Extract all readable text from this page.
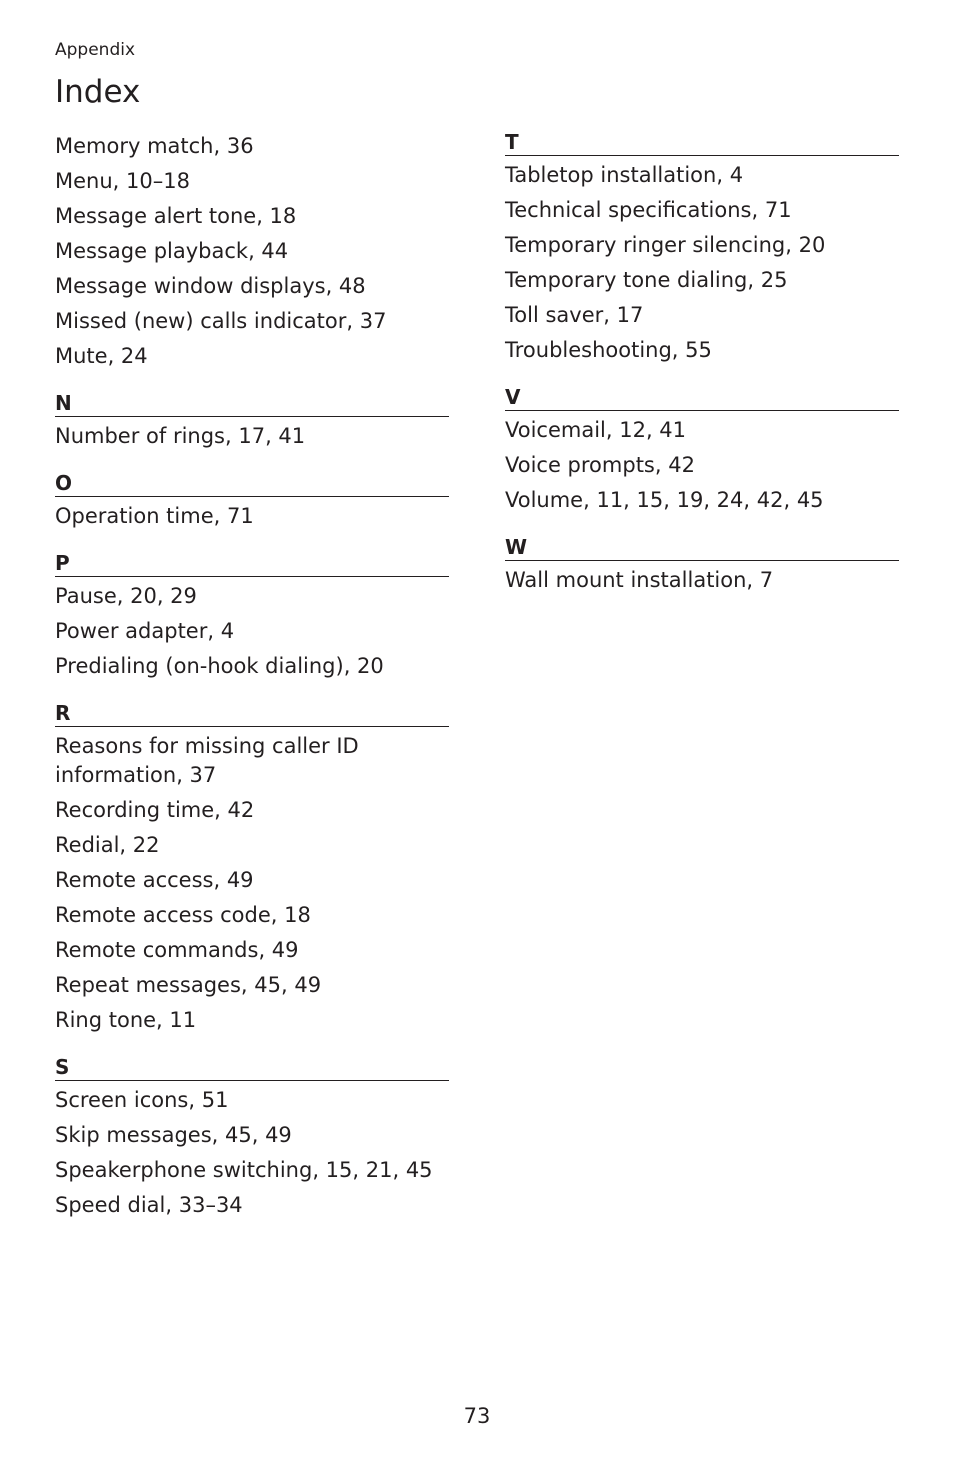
Appendix
Index
Memory match, 36
Menu, 10–18
Message alert tone, 18
Message playback, 44
Message window displays, 48
Missed (new) calls indicator, 37
Mute, 24
N
Number of rings, 17, 41
O
Operation time, 71
P
Pause, 20, 29
Power adapter, 4
Predialing (on-hook dialing), 20
R
Reasons for missing caller ID information, 37
Recording time, 42
Redial, 22
Remote access, 49
Remote access code, 18
Remote commands, 49
Repeat messages, 45, 49
Ring tone, 11
S
Screen icons, 51
Skip messages, 45, 49
Speakerphone switching, 15, 21, 45
Speed dial, 33–34
T
Tabletop installation, 4
Technical specifications, 71
Temporary ringer silencing, 20
Temporary tone dialing, 25
Toll saver, 17
Troubleshooting, 55
V
Voicemail, 12, 41
Voice prompts, 42
Volume, 11, 15, 19, 24, 42, 45
W
Wall mount installation, 7
73
